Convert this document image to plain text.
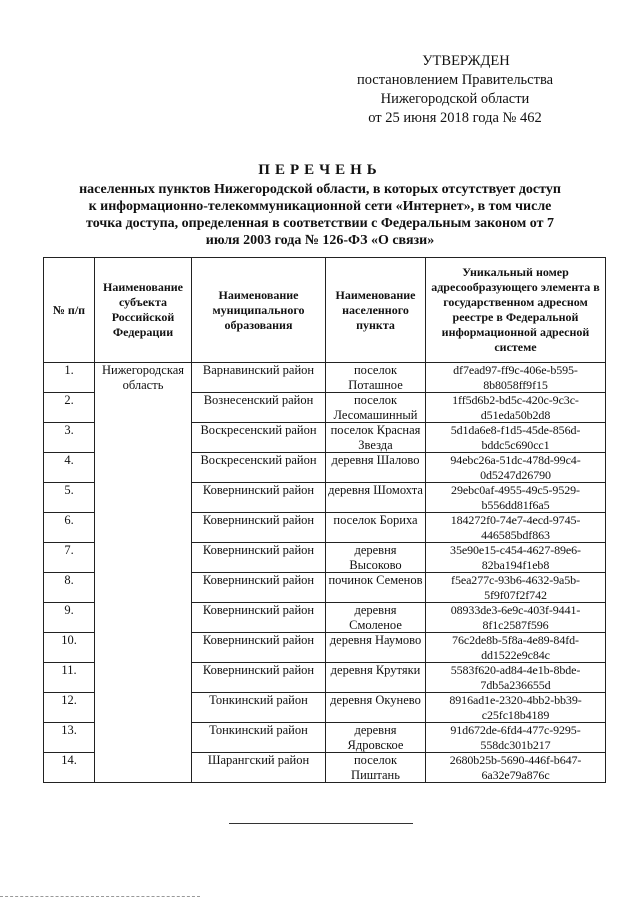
УТВЕРЖДЕН
постановлением Правительства
Нижегородской области
от 25 июня 2018 года № 462
ПЕРЕЧЕНЬ
населенных пунктов Нижегородской области, в которых отсутствует доступ
к информационно-телекоммуникационной сети «Интернет», в том числе
точка доступа, определенная в соответствии с Федеральным законом от 7
июля 2003 года № 126-ФЗ «О связи»
№ п/п	Наименование субъекта Российской Федерации	Наименование муниципального образования	Наименование населенного пункта	Уникальный номер адресообразующего элемента в государственном адресном реестре в Федеральной информационной адресной системе
1.	Нижегородская область	Варнавинский район	поселок Поташное	df7ead97-ff9c-406e-b595-8b8058ff9f15
2.		Вознесенский район	поселок Лесомашинный	1ff5d6b2-bd5c-420c-9c3c-d51eda50b2d8
3.		Воскресенский район	поселок Красная Звезда	5d1da6e8-f1d5-45de-856d-bddc5c690cc1
4.		Воскресенский район	деревня Шалово	94ebc26a-51dc-478d-99c4-0d5247d26790
5.		Ковернинский район	деревня Шомохта	29ebc0af-4955-49c5-9529-b556dd81f6a5
6.		Ковернинский район	поселок Бориха	184272f0-74e7-4ecd-9745-446585bdf863
7.		Ковернинский район	деревня Высоково	35e90e15-c454-4627-89e6-82ba194f1eb8
8.		Ковернинский район	починок Семенов	f5ea277c-93b6-4632-9a5b-5f9f07f2f742
9.		Ковернинский район	деревня Смоленое	08933de3-6e9c-403f-9441-8f1c2587f596
10.		Ковернинский район	деревня Наумово	76c2de8b-5f8a-4e89-84fd-dd1522e9c84c
11.		Ковернинский район	деревня Крутяки	5583f620-ad84-4e1b-8bde-7db5a236655d
12.		Тонкинский район	деревня Окунево	8916ad1e-2320-4bb2-bb39-c25fc18b4189
13.		Тонкинский район	деревня Ядровское	91d672de-6fd4-477c-9295-558dc301b217
14.		Шарангский район	поселок Пиштань	2680b25b-5690-446f-b647-6a32e79a876c
